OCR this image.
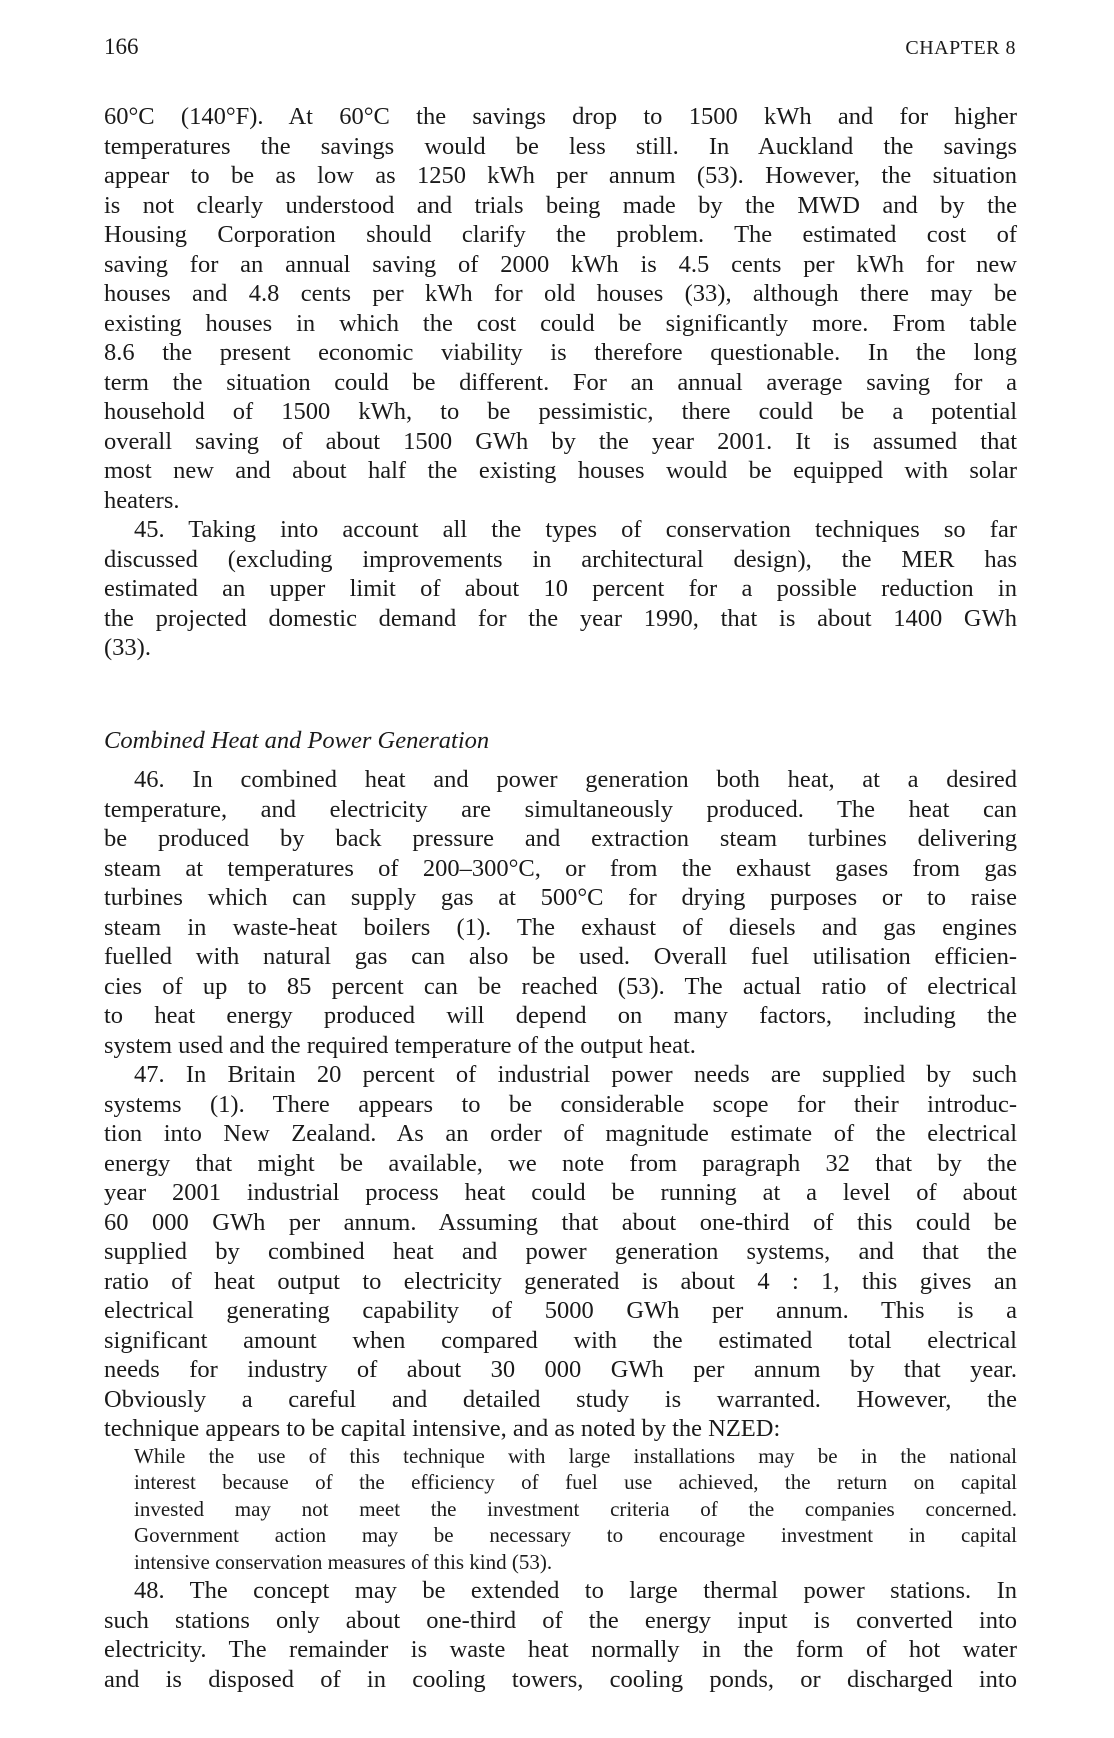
166	CHAPTER 8
60°C (140°F). At 60°C the savings drop to 1500 kWh and for higher
temperatures the savings would be less still. In Auckland the savings
appear to be as low as 1250 kWh per annum (53). However, the situation
is not clearly understood and trials being made by the MWD and by the
Housing Corporation should clarify the problem. The estimated cost of
saving for an annual saving of 2000 kWh is 4.5 cents per kWh for new
houses and 4.8 cents per kWh for old houses (33), although there may be
existing houses in which the cost could be significantly more. From table
8.6 the present economic viability is therefore questionable. In the long
term the situation could be different. For an annual average saving for a
household of 1500 kWh, to be pessimistic, there could be a potential
overall saving of about 1500 GWh by the year 2001. It is assumed that
most new and about half the existing houses would be equipped with solar
heaters.
45. Taking into account all the types of conservation techniques so far
discussed (excluding improvements in architectural design), the MER has
estimated an upper limit of about 10 percent for a possible reduction in
the projected domestic demand for the year 1990, that is about 1400 GWh
(33).
Combined Heat and Power Generation
46. In combined heat and power generation both heat, at a desired
temperature, and electricity are simultaneously produced. The heat can
be produced by back pressure and extraction steam turbines delivering
steam at temperatures of 200–300°C, or from the exhaust gases from gas
turbines which can supply gas at 500°C for drying purposes or to raise
steam in waste-heat boilers (1). The exhaust of diesels and gas engines
fuelled with natural gas can also be used. Overall fuel utilisation efficien-
cies of up to 85 percent can be reached (53). The actual ratio of electrical
to heat energy produced will depend on many factors, including the
system used and the required temperature of the output heat.
47. In Britain 20 percent of industrial power needs are supplied by such
systems (1). There appears to be considerable scope for their introduc-
tion into New Zealand. As an order of magnitude estimate of the electrical
energy that might be available, we note from paragraph 32 that by the
year 2001 industrial process heat could be running at a level of about
60 000 GWh per annum. Assuming that about one-third of this could be
supplied by combined heat and power generation systems, and that the
ratio of heat output to electricity generated is about 4 : 1, this gives an
electrical generating capability of 5000 GWh per annum. This is a
significant amount when compared with the estimated total electrical
needs for industry of about 30 000 GWh per annum by that year.
Obviously a careful and detailed study is warranted. However, the
technique appears to be capital intensive, and as noted by the NZED:
While the use of this technique with large installations may be in the national
interest because of the efficiency of fuel use achieved, the return on capital
invested may not meet the investment criteria of the companies concerned.
Government action may be necessary to encourage investment in capital
intensive conservation measures of this kind (53).
48. The concept may be extended to large thermal power stations. In
such stations only about one-third of the energy input is converted into
electricity. The remainder is waste heat normally in the form of hot water
and is disposed of in cooling towers, cooling ponds, or discharged into
